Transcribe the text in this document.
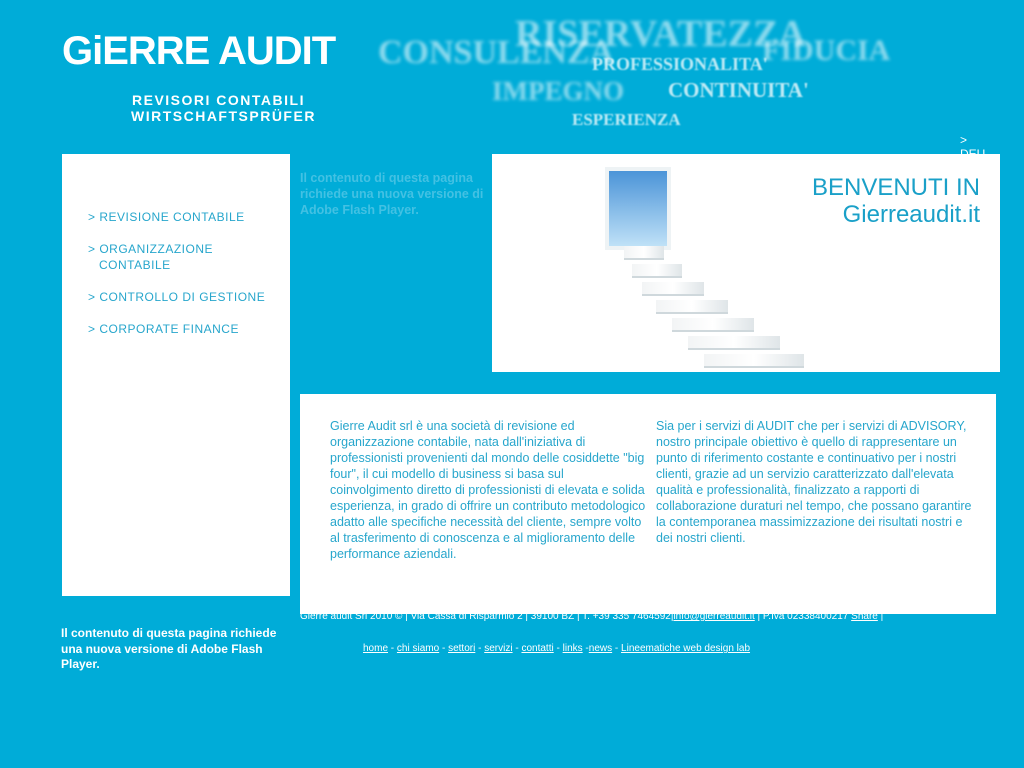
GiERRE AUDIT
REVISORI CONTABILI
WIRTSCHAFTSPRÜFER
RISERVATEZZA
CONSULENZA	FIDUCIA
PROFESSIONALITA'
IMPEGNO CONTINUITA'
ESPERIENZA
>
> REVISIONE CONTABILE
> ORGANIZZAZIONE CONTABILE
> CONTROLLO DI GESTIONE
> CORPORATE FINANCE
Il contenuto di questa pagina richiede una nuova versione di Adobe Flash Player.
BENVENUTI IN
Gierreaudit.it
Gierre Audit srl è una società di revisione ed organizzazione contabile, nata dall'iniziativa di professionisti provenienti dal mondo delle cosiddette "big four", il cui modello di business si basa sul coinvolgimento diretto di professionisti di elevata e solida esperienza, in grado di offrire un contributo metodologico adatto alle specifiche necessità del cliente, sempre volto al trasferimento di conoscenza e al miglioramento delle performance aziendali.
Sia per i servizi di AUDIT che per i servizi di ADVISORY, nostro principale obiettivo è quello di rappresentare un punto di riferimento costante e continuativo per i nostri clienti, grazie ad un servizio caratterizzato dall'elevata qualità e professionalità, finalizzato a rapporti di collaborazione duraturi nel tempo, che possano garantire la contemporanea massimizzazione dei risultati nostri e dei nostri clienti.
Gierre audit Srl 2010 © | Via Cassa di Risparmio 2 | 39100 BZ | T. +39 335 7464592|info@gierreaudit.it | P.Iva 02338400217 Share |
home - chi siamo - settori - servizi - contatti - links -news - Lineematiche web design lab
Il contenuto di questa pagina richiede una nuova versione di Adobe Flash Player.
